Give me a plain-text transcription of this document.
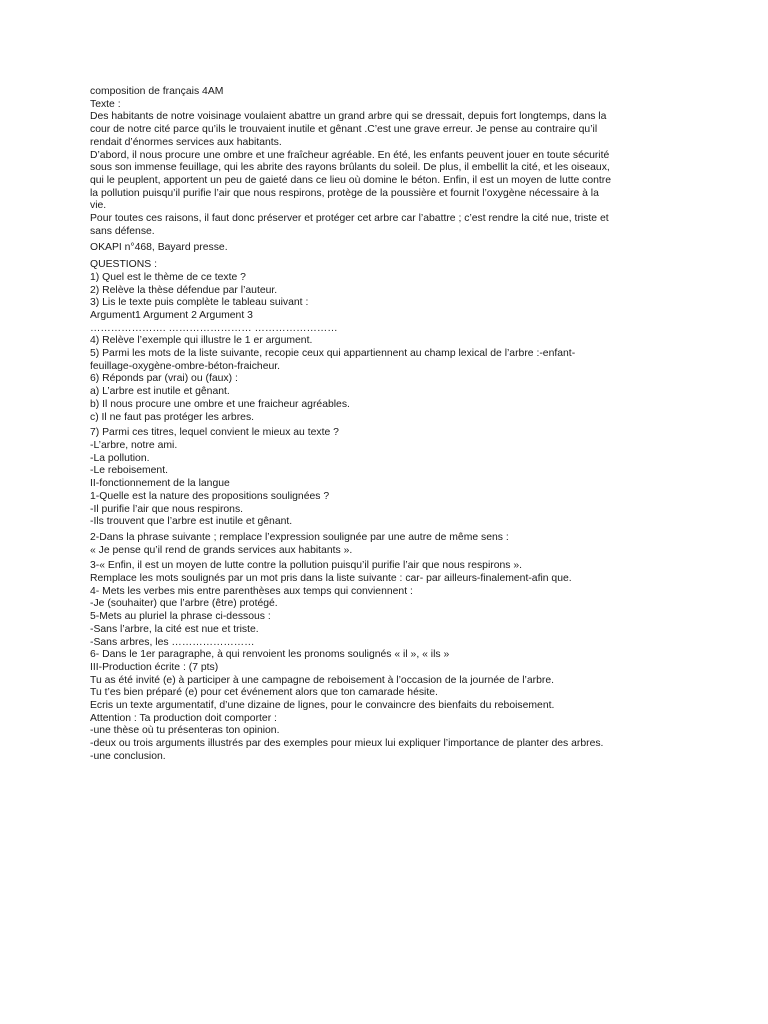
composition de français 4AM
Texte :
Des habitants de notre voisinage voulaient abattre un grand arbre qui se dressait, depuis fort longtemps, dans la
cour de notre cité parce qu’ils le trouvaient inutile et gênant .C’est une grave erreur. Je pense au contraire qu’il
rendait d’énormes services aux habitants.
D’abord, il nous procure une ombre et une fraîcheur agréable. En été, les enfants peuvent jouer en toute sécurité
sous son immense feuillage, qui les abrite des rayons brûlants du soleil. De plus, il embellit la cité, et les oiseaux,
qui le peuplent, apportent un peu de gaieté dans ce lieu où domine le béton. Enfin, il est un moyen de lutte contre
la pollution puisqu’il purifie l’air que nous respirons, protège de la poussière et fournit l’oxygène nécessaire à la
vie.
Pour toutes ces raisons, il faut donc préserver et protéger cet arbre car l’abattre ; c’est rendre la cité nue, triste et
sans défense.
OKAPI n°468, Bayard presse.
QUESTIONS :
1) Quel est le thème de ce texte ?
2) Relève la thèse défendue par l’auteur.
3) Lis le texte puis complète le tableau suivant :
Argument1 Argument 2 Argument 3
…………………. …………………… ……………………
4) Relève l’exemple qui illustre le 1 er argument.
5) Parmi les mots de la liste suivante, recopie ceux qui appartiennent au champ lexical de l’arbre :-enfant-
feuillage-oxygène-ombre-béton-fraicheur.
6) Réponds par (vrai) ou (faux) :
a) L’arbre est inutile et gênant.
b) Il nous procure une ombre et une fraicheur agréables.
c) Il ne faut pas protéger les arbres.
7) Parmi ces titres, lequel convient le mieux au texte ?
-L’arbre, notre ami.
-La pollution.
-Le reboisement.
II-fonctionnement de la langue
1-Quelle est la nature des propositions soulignées ?
-Il purifie l’air que nous respirons.
-Ils trouvent que l’arbre est inutile et gênant.
2-Dans la phrase suivante ; remplace l’expression soulignée par une autre de même sens :
« Je pense qu’il rend de grands services aux habitants ».
3-« Enfin, il est un moyen de lutte contre la pollution puisqu’il purifie l’air que nous respirons ».
Remplace les mots soulignés par un mot pris dans la liste suivante : car- par ailleurs-finalement-afin que.
4- Mets les verbes mis entre parenthèses aux temps qui conviennent :
-Je (souhaiter) que l’arbre (être) protégé.
5-Mets au pluriel la phrase ci-dessous :
-Sans l’arbre, la cité est nue et triste.
-Sans arbres, les ……………………
6- Dans le 1er paragraphe, à qui renvoient les pronoms soulignés « il », « ils »
III-Production écrite : (7 pts)
Tu as été invité (e) à participer à une campagne de reboisement à l’occasion de la journée de l’arbre.
Tu t’es bien préparé (e) pour cet événement alors que ton camarade hésite.
Ecris un texte argumentatif, d’une dizaine de lignes, pour le convaincre des bienfaits du reboisement.
Attention : Ta production doit comporter :
-une thèse où tu présenteras ton opinion.
-deux ou trois arguments illustrés par des exemples pour mieux lui expliquer l’importance de planter des arbres.
-une conclusion.
